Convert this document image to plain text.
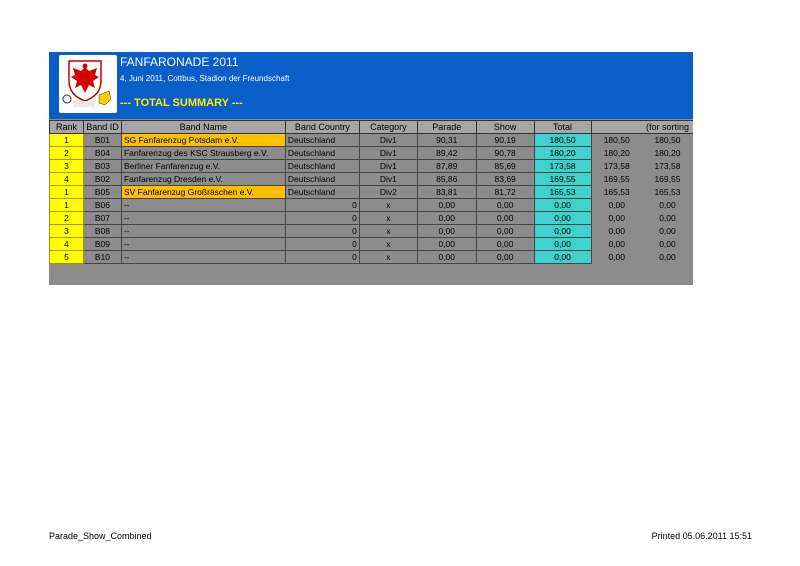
FANFARONADE 2011
4. Juni 2011, Cottbus, Stadion der Freundschaft
--- TOTAL SUMMARY ---
Rank	Band ID	Band Name	Band Country	Category	Parade	Show	Total		(for sorting
1	B01	SG Fanfarenzug Potsdam e.V.	Deutschland	Div1	90,31	90,19	180,50	180,50	180,50
2	B04	Fanfarenzug des KSC Strausberg e.V.	Deutschland	Div1	89,42	90,78	180,20	180,20	180,20
3	B03	Berliner Fanfarenzug e.V.	Deutschland	Div1	87,89	85,69	173,58	173,58	173,58
4	B02	Fanfarenzug Dresden e.V.	Deutschland	Div1	85,86	83,69	169,55	169,55	169,55
1	B05	SV Fanfarenzug Großräschen e.V.	Deutschland	Div2	83,81	81,72	165,53	165,53	165,53
1	B06	--	0	x	0,00	0,00	0,00	0,00	0,00
2	B07	--	0	x	0,00	0,00	0,00	0,00	0,00
3	B08	--	0	x	0,00	0,00	0,00	0,00	0,00
4	B09	--	0	x	0,00	0,00	0,00	0,00	0,00
5	B10	--	0	x	0,00	0,00	0,00	0,00	0,00
Parade_Show_Combined	Printed 05.06.2011 15:51
